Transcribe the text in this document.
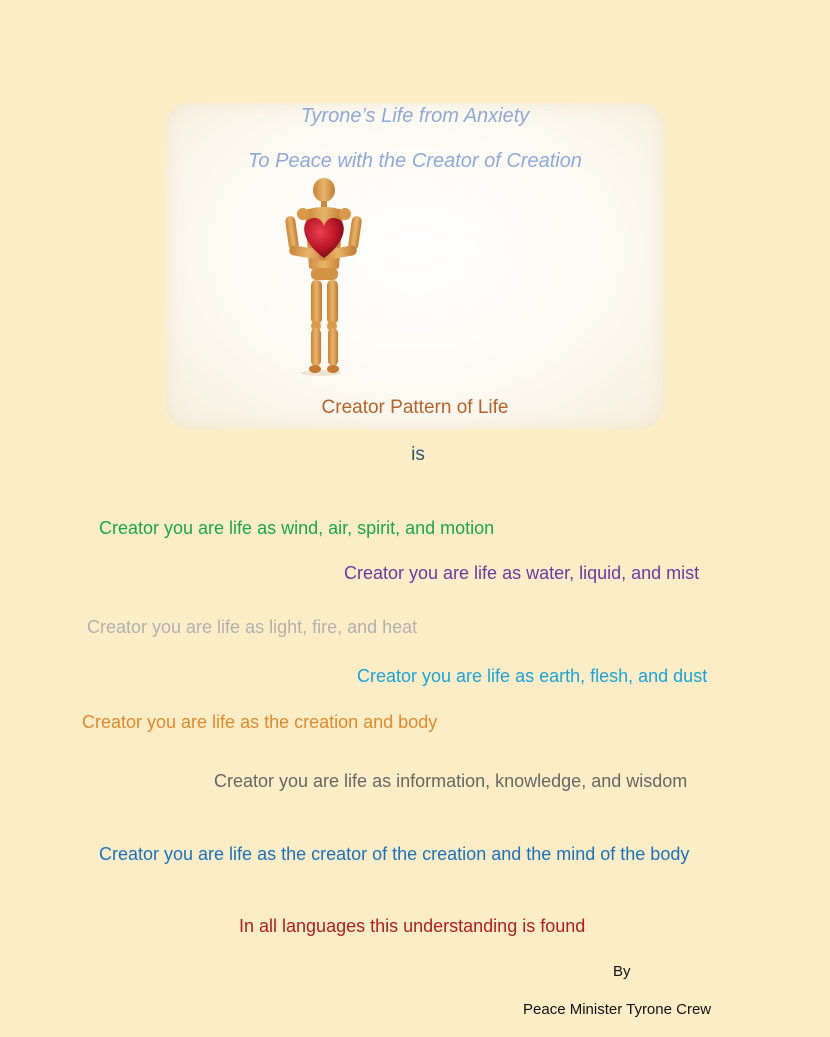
Tyrone’s Life from Anxiety
To Peace with the Creator of Creation
Creator Pattern of Life
is
Creator you are life as wind, air, spirit, and motion
Creator you are life as water, liquid, and mist
Creator you are life as light, fire, and heat
Creator you are life as earth, flesh, and dust
Creator you are life as the creation and body
Creator you are life as information, knowledge, and wisdom
Creator you are life as the creator of the creation and the mind of the body
In all languages this understanding is found
By
Peace Minister Tyrone Crew
